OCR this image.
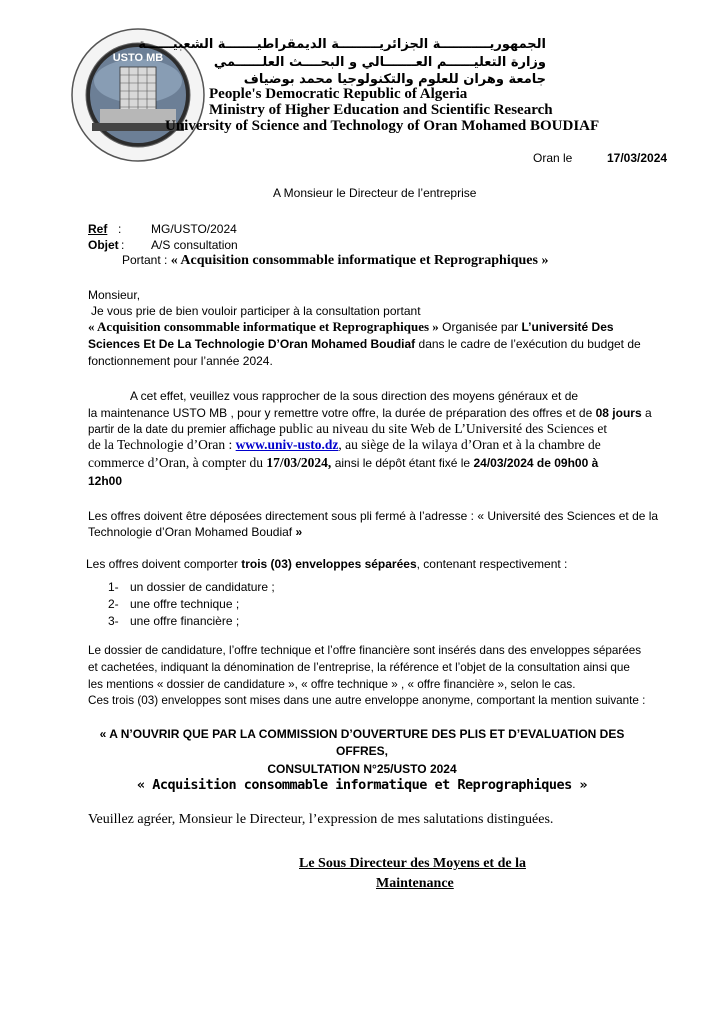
USTO MB
الجمهوريـــــــــــة الجزائريـــــــــة الديمقراطيـــــــة الشعبيــــــة
وزارة التعليــــــم العـــــــالي و البحــــث العلــــــمي
جامعة وهران للعلوم والتكنولوجيا محمد بوضياف
People's Democratic Republic of Algeria
Ministry of Higher Education and Scientific Research
University of Science and Technology of Oran Mohamed BOUDIAF
Oran le	17/03/2024
A Monsieur le Directeur de l’entreprise
Ref : MG/USTO/2024
Objet : A/S consultation
Portant : « Acquisition consommable informatique et Reprographiques »
Monsieur,
Je vous prie de bien vouloir participer à la consultation portant
« Acquisition consommable informatique et Reprographiques » Organisée par L’université Des
Sciences Et De La Technologie D’Oran Mohamed Boudiaf dans le cadre de l’exécution du budget de
fonctionnement pour l’année 2024.
A cet effet, veuillez vous rapprocher de la sous direction des moyens généraux et de
la maintenance USTO MB , pour y remettre votre offre, la durée de préparation des offres et de 08 jours a
partir de la date du premier affichage public au niveau du site Web de L’Université des Sciences et
de la Technologie d’Oran : www.univ-usto.dz, au siège de la wilaya d’Oran et à la chambre de
commerce d’Oran, à compter du 17/03/2024, ainsi le dépôt étant fixé le 24/03/2024 de 09h00 à
12h00
Les offres doivent être déposées directement sous pli fermé à l’adresse : « Université des Sciences et de la
Technologie d’Oran Mohamed Boudiaf »
Les offres doivent comporter trois (03) enveloppes séparées, contenant respectivement :
1- un dossier de candidature ;
2- une offre technique ;
3- une offre financière ;
Le dossier de candidature, l’offre technique et l’offre financière sont insérés dans des enveloppes séparées
et cachetées, indiquant la dénomination de l’entreprise, la référence et l’objet de la consultation ainsi que
les mentions « dossier de candidature », « offre technique » , « offre financière », selon le cas.
Ces trois (03) enveloppes sont mises dans une autre enveloppe anonyme, comportant la mention suivante :
« A N’OUVRIR QUE PAR LA COMMISSION D’OUVERTURE DES PLIS ET D’EVALUATION DES
OFFRES,
CONSULTATION N°25/USTO 2024
« Acquisition consommable informatique et Reprographiques »
Veuillez agréer, Monsieur le Directeur, l’expression de mes salutations distinguées.
Le Sous Directeur des Moyens et de la
Maintenance
